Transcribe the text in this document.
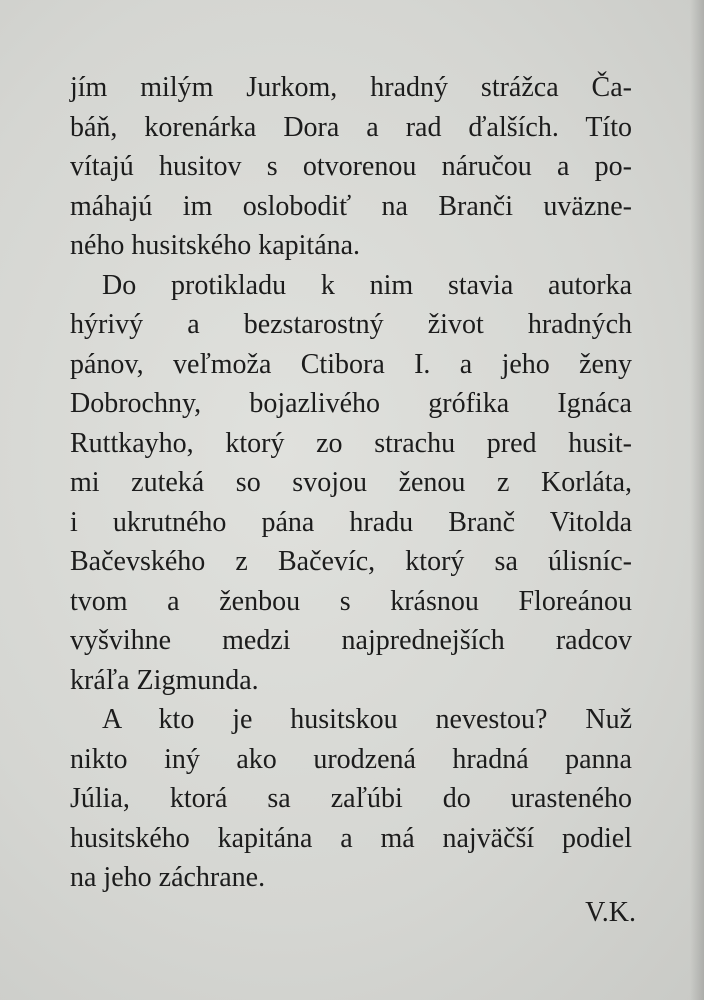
jím milým Jurkom, hradný strážca Ča-
báň, korenárka Dora a rad ďalších. Títo
vítajú husitov s otvorenou náručou a po-
máhajú im oslobodiť na Branči uväzne-
ného husitského kapitána.
Do protikladu k nim stavia autorka
hýrivý a bezstarostný život hradných
pánov, veľmoža Ctibora I. a jeho ženy
Dobrochny, bojazlivého grófika Ignáca
Ruttkayho, ktorý zo strachu pred husit-
mi zuteká so svojou ženou z Korláta,
i ukrutného pána hradu Branč Vitolda
Bačevského z Bačevíc, ktorý sa úlisníc-
tvom a ženbou s krásnou Floreánou
vyšvihne medzi najprednejších radcov
kráľa Zigmunda.
A kto je husitskou nevestou? Nuž
nikto iný ako urodzená hradná panna
Júlia, ktorá sa zaľúbi do urasteného
husitského kapitána a má najväčší podiel
na jeho záchrane.
V.K.
